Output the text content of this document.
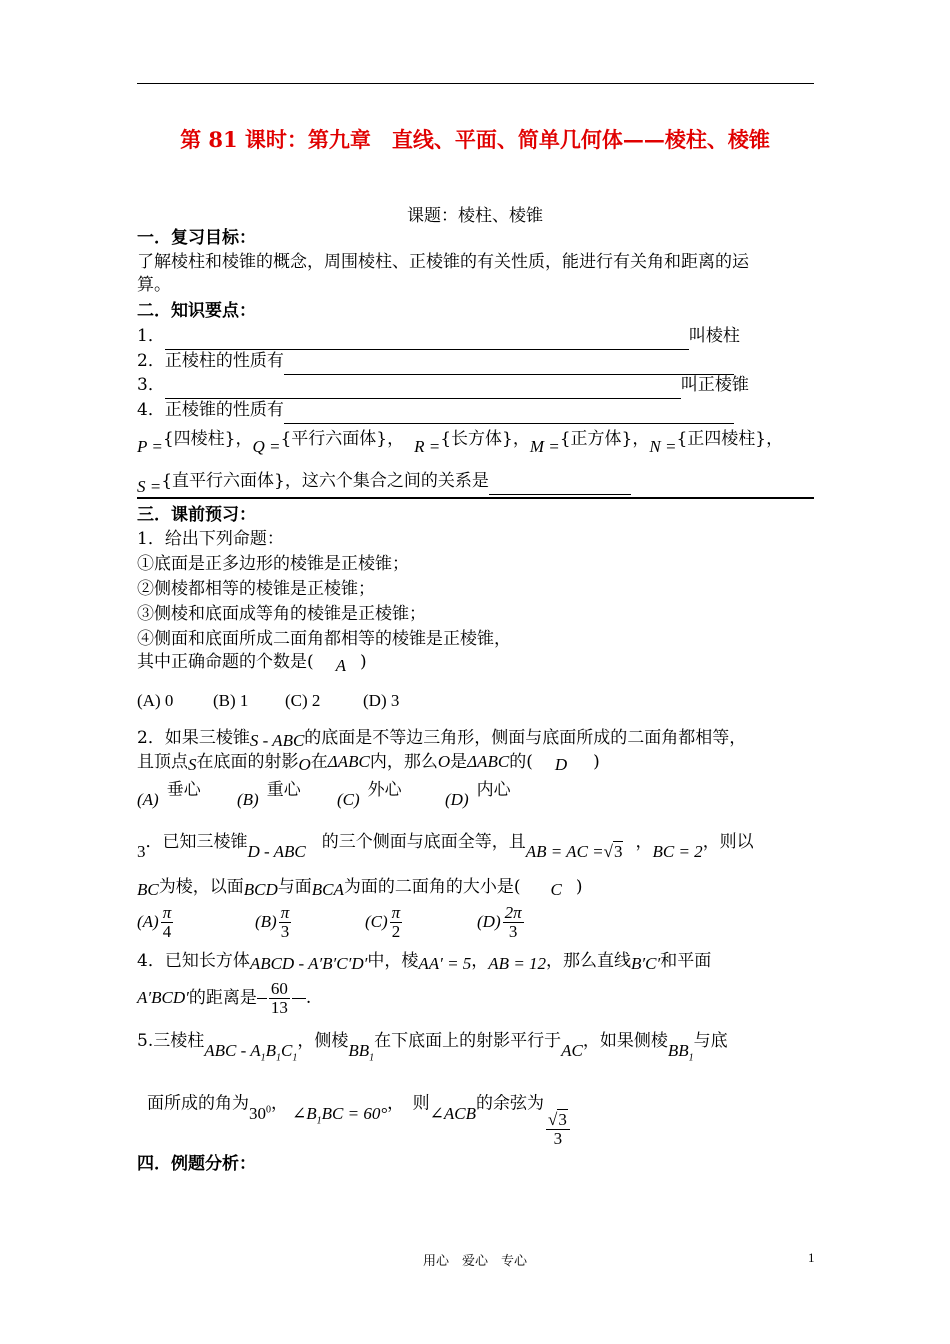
第 81 课时：第九章　直线、平面、简单几何体——棱柱、棱锥
课题：棱柱、棱锥
一．复习目标：
了解棱柱和棱锥的概念，周围棱柱、正棱锥的有关性质，能进行有关角和距离的运
算。
二．知识要点：
1．	叫棱柱
2．正棱柱的性质有
3．	叫正棱锥
4．正棱锥的性质有
P ={四棱柱}，Q ={平行六面体}， R ={长方体}，M ={正方体}，N ={正四棱柱}，
S ={直平行六面体}，这六个集合之间的关系是
三．课前预习：
1．给出下列命题：
①底面是正多边形的棱锥是正棱锥；
②侧棱都相等的棱锥是正棱锥；
③侧棱和底面成等角的棱锥是正棱锥；
④侧面和底面所成二面角都相等的棱锥是正棱锥，
其中正确命题的个数是( A )
(A) 0 (B) 1 (C) 2	(D) 3
2．如果三棱锥S - ABC的底面是不等边三角形，侧面与底面所成的二面角都相等，
且顶点S在底面的射影O在ΔABC内，那么O是ΔABC的( D )
(A) 垂心 (B) 重心 (C) 外心	(D) 内心
3．已知三棱锥D - ABC 的三个侧面与底面全等，且AB = AC =√3 ，BC = 2，则以
BC为棱，以面BCD与面BCA为面的二面角的大小是( C )
$(A) \frac{\pi}{4}$	$(B) \frac{\pi}{3}$	$(C) \frac{\pi}{2}$	$(D) \frac{2\pi}{3}$
4．已知长方体ABCD - A′B′C′D′中，棱AA′ = 5，AB = 12，那么直线B′C′和平面
A′BCD′的距离是 $\frac{60}{13}$ .
5.三棱柱ABC - $A_1B_1C_1$，侧棱$BB_1$在下底面上的射影平行于AC，如果侧棱$BB_1$与底
面所成的角为$30^0$， $\angle B_1BC = 60^\circ$，　则∠ACB的余弦为
$\frac{√3}{3}$
四．例题分析：
用心　爱心　专心	1
